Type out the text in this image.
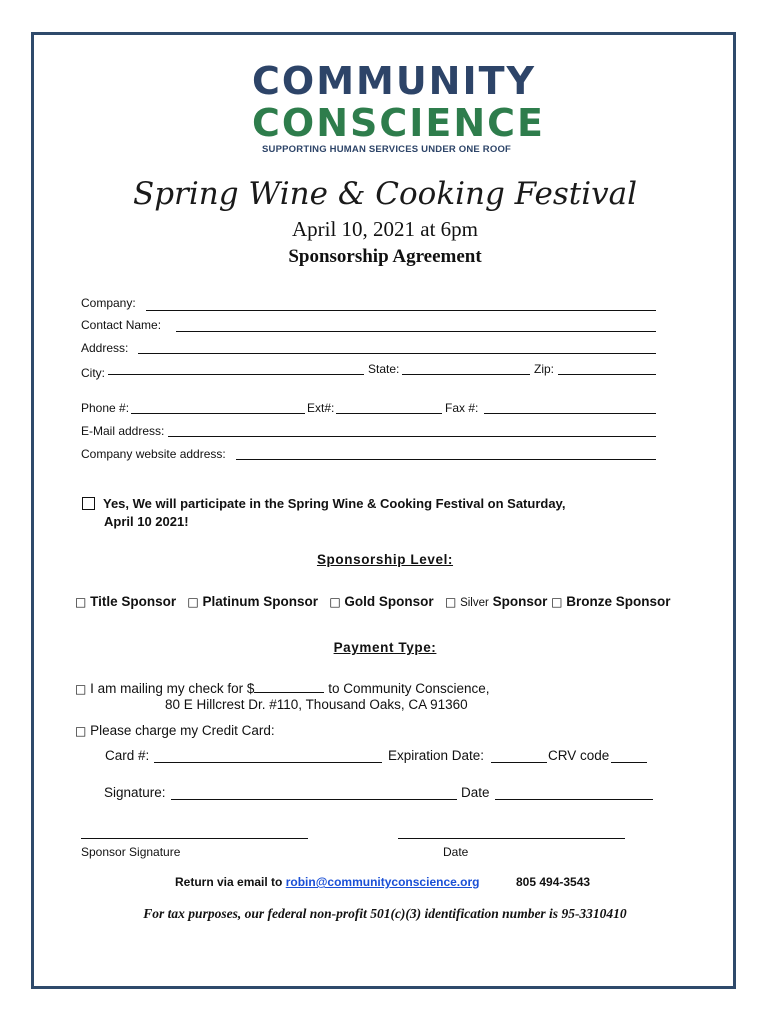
COMMUNITY
CONSCIENCE
SUPPORTING HUMAN SERVICES UNDER ONE ROOF
Spring Wine & Cooking Festival
April 10, 2021 at 6pm
Sponsorship Agreement
Company:
Contact Name:
Address:
City:	State:	Zip:
Phone #:	Ext#:	Fax #:
E-Mail address:
Company website address:
Yes, We will participate in the Spring Wine & Cooking Festival on Saturday,
April 10 2021!
Sponsorship Level:
□ Title Sponsor □ Platinum Sponsor □ Gold Sponsor □ Silver Sponsor □ Bronze Sponsor
Payment Type:
□ I am mailing my check for $	to Community Conscience,
80 E Hillcrest Dr. #110, Thousand Oaks, CA 91360
□ Please charge my Credit Card:
Card #:	Expiration Date:	CRV code
Signature:	Date
Sponsor Signature	Date
Return via email to robin@communityconscience.org	805 494-3543
For tax purposes, our federal non-profit 501(c)(3) identification number is 95-3310410
